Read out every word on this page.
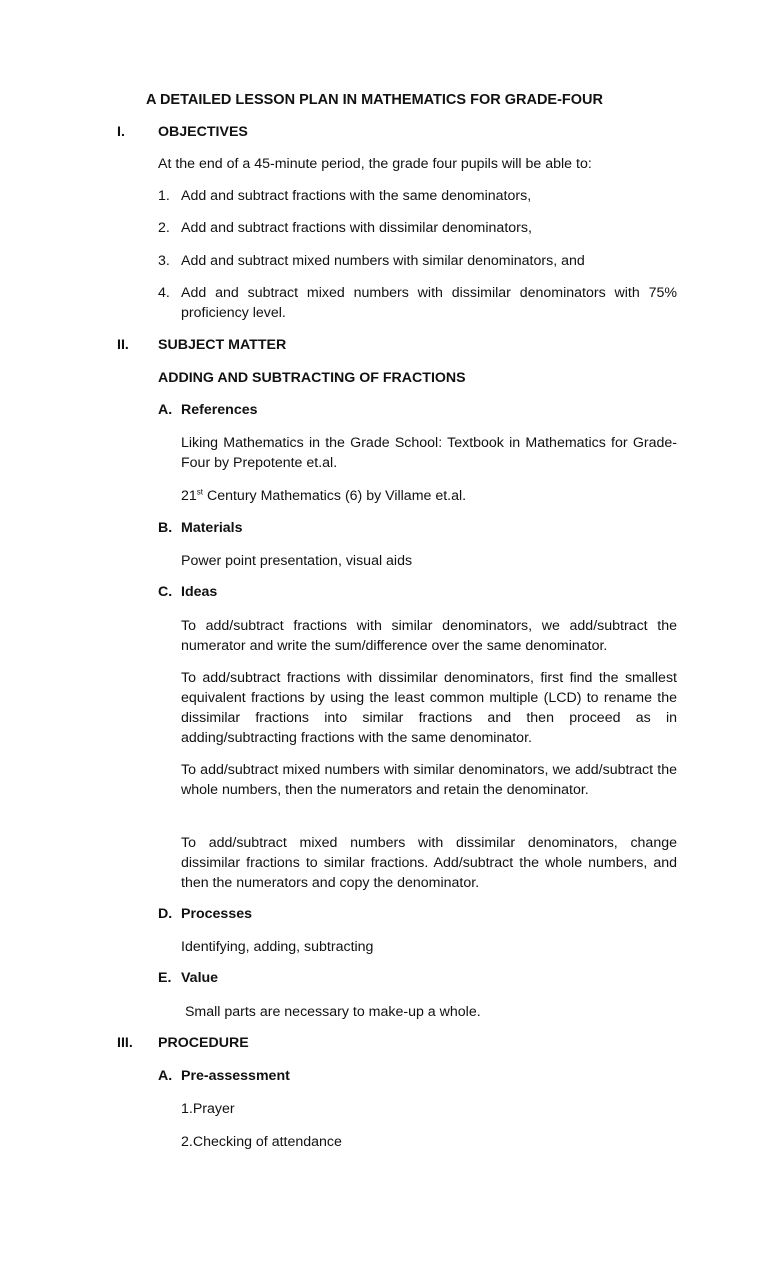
A DETAILED LESSON PLAN IN MATHEMATICS FOR GRADE-FOUR
I. OBJECTIVES
At the end of a 45-minute period, the grade four pupils will be able to:
1. Add and subtract fractions with the same denominators,
2. Add and subtract fractions with dissimilar denominators,
3. Add and subtract mixed numbers with similar denominators, and
4. Add and subtract mixed numbers with dissimilar denominators with 75% proficiency level.
II. SUBJECT MATTER
ADDING AND SUBTRACTING OF FRACTIONS
A. References
Liking Mathematics in the Grade School: Textbook in Mathematics for Grade-Four by Prepotente et.al.
21st Century Mathematics (6) by Villame et.al.
B. Materials
Power point presentation, visual aids
C. Ideas
To add/subtract fractions with similar denominators, we add/subtract the numerator and write the sum/difference over the same denominator.
To add/subtract fractions with dissimilar denominators, first find the smallest equivalent fractions by using the least common multiple (LCD) to rename the dissimilar fractions into similar fractions and then proceed as in adding/subtracting fractions with the same denominator.
To add/subtract mixed numbers with similar denominators, we add/subtract the whole numbers, then the numerators and retain the denominator.
To add/subtract mixed numbers with dissimilar denominators, change dissimilar fractions to similar fractions. Add/subtract the whole numbers, and then the numerators and copy the denominator.
D. Processes
Identifying, adding, subtracting
E. Value
Small parts are necessary to make-up a whole.
III. PROCEDURE
A. Pre-assessment
1.Prayer
2.Checking of attendance
